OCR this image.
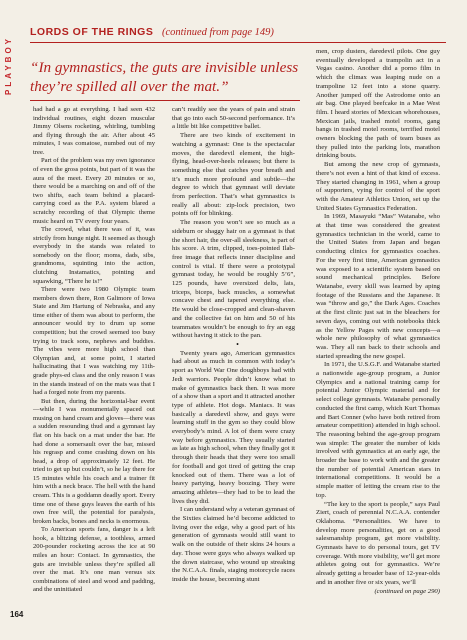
PLAYBOY
LORDS OF THE RINGS (continued from page 149)
“In gymnastics, the guts are invisible unless they’re spilled all over the mat.”

had had a go at everything. I had seen 432 individual routines, eight dozen muscular Jimmy Olsens rocketing, whirling, tumbling and flying through the air. After about 45 minutes, I was comatose, numbed out of my tree.

Part of the problem was my own ignorance of even the gross points, but part of it was the aura of the meet. Every 20 minutes or so, there would be a marching on and off of the two shifts, each team behind a placard-carrying coed as the P.A. system blared a scratchy recording of that Olympic theme music heard on TV every four years.

The crowd, what there was of it, was strictly from hunge night. It seemed as though everybody in the stands was related to somebody on the floor; moms, dads, sibs, grandmoms, squinting into the action, clutching Instamatics, pointing and squawking, “There he is!”

There were two 1980 Olympic team members down there, Ron Galimore of Iowa State and Jim Hartung of Nebraska, and any time either of them was about to perform, the announcer would try to drum up some competition; but the crowd seemed too busy trying to track sons, nephews and buddies. The vibes were more high school than Olympian and, at some point, I started hallucinating that I was watching my 11th-grade phys-ed class and the only reason I was in the stands instead of on the mats was that I had a forged note from my parents.

But then, during the horizontal-bar event—while I was monumentally spaced out musing on hand cream and gloves—there was a sudden resounding thud and a gymnast lay flat on his back on a mat under the bar. He had done a somersault over the bar, missed his regrasp and come crashing down on his head, a drop of approximately 12 feet. He tried to get up but couldn’t, so he lay there for 15 minutes while his coach and a trainer fit him with a neck brace. The hell with the hand cream. This is a goddamn deadly sport. Every time one of these guys leaves the earth of his own free will, the potential for paralysis, broken backs, bones and necks is enormous.

To American sports fans, danger is a left hook, a blitzing defense, a toothless, armed 200-pounder rocketing across the ice at 90 miles an hour: Contact. In gymnastics, the guts are invisible unless they’re spilled all over the mat. It’s one man versus six combinations of steel and wood and padding, and the uninitiated

can’t readily see the years of pain and strain that go into each 50-second performance. It’s a little bit like competitive ballet.

There are two kinds of excitement in watching a gymnast: One is the spectacular moves, the daredevil element, the high-flying, head-over-heels releases; but there is something else that catches your breath and it’s much more profound and subtle—the degree to which that gymnast will deviate from perfection. That’s what gymnastics is really all about: zip-lock precision, two points off for blinking.

The reason you won’t see so much as a sideburn or shaggy hair on a gymnast is that the short hair, the over-all sleekness, is part of his score. A trim, clipped, toes-pointed Ilab-free image that reflects inner discipline and control is vital. If there were a prototypal gymnast today, he would be roughly 5’6”, 125 pounds, have oversized delts, lats, triceps, biceps, back muscles, a somewhat concave chest and tapered everything else. He would be close-cropped and clean-shaven and the collective fat on him and 50 of his teammates wouldn’t be enough to fry an egg without having it stick to the pan.

•

Twenty years ago, American gymnastics had about as much in common with today’s sport as World War One doughboys had with Jedi warriors. People didn’t know what to make of gymnastics back then. It was more of a show than a sport and it attracted another type of athlete. Hot dogs. Maniacs. It was basically a daredevil show, and guys were learning stuff in the gym so they could blow everybody’s mind. A lot of them were crazy way before gymnastics. They usually started as late as high school, when they finally got it through their heads that they were too small for football and got tired of getting the crap knocked out of them. There was a lot of heavy partying, heavy boozing. They were amazing athletes—they had to be to lead the lives they did.

I can understand why a veteran gymnast of the Sixties claimed he’d become addicted to living over the edge, why a good part of his generation of gymnasts would still want to walk on the outside of their skins 24 hours a day. Those were guys who always walked up the down staircase, who wound up streaking the N.C.A.A. finals, staging motorcycle races inside the house, becoming stunt

men, crop dusters, daredevil pilots. One guy eventually developed a trampolin act in a Vegas casino. Another did a porno film in which the climax was leaping nude on a trampoline 12 feet into a stone quarry. Another jumped off the Astrodome onto an air bag. One played beefcake in a Mae West film. I heard stories of Mexican whorehouses, Mexican jails, trashed motel rooms, gang bangs in trashed motel rooms, terrified motel owners blocking the path of team buses as they pulled into the parking lots, marathon drinking bouts.

But among the new crop of gymnasts, there’s not even a hint of that kind of excess. They started changing in 1961, when a group of supporters, vying for control of the sport with the Amateur Athletics Union, set up the United States Gymnastics Federation.

In 1969, Masayuki “Mas” Watanabe, who at that time was considered the greatest gymnastics technician in the world, came to the United States from Japan and began conducting clinics for gymnastics coaches. For the very first time, American gymnastics was exposed to a scientific system based on sound mechanical principles. Before Watanabe, every skill was learned by aping footage of the Russians and the Japanese. It was “throw and go,” the Dark Ages. Coaches at the first clinic just sat in the bleachers for seven days, coming out with notebooks thick as the Yellow Pages with new concepts—a whole new philosophy of what gymnastics was. They all ran back to their schools and started spreading the new gospel.

In 1971, the U.S.G.F. and Watanabe started a nationwide age-group program, a Junior Olympics and a national training camp for potential Junior Olympic material and for select college gymnasts. Watanabe personally conducted the first camp, which Kurt Thomas and Bart Conner (who have both retired from amateur competition) attended in high school. The reasoning behind the age-group program was simple: The greater the number of kids involved with gymnastics at an early age, the broader the base to work with and the greater the number of potential American stars in international competitions. It would be a simple matter of letting the cream rise to the top.

“The key to the sport is people,” says Paul Ziert, coach of perennial N.C.A.A. contender Oklahoma. “Personalities. We have to develop more personalities, get on a good salesmanship program, get more visibility. Gymnasts have to do personal tours, get TV coverage. With more visibility, we’ll get more athletes going out for gymnastics. We’re already getting a broader base of 12-year-olds and in another five or six years, we’ll

(continued on page 290)

164
